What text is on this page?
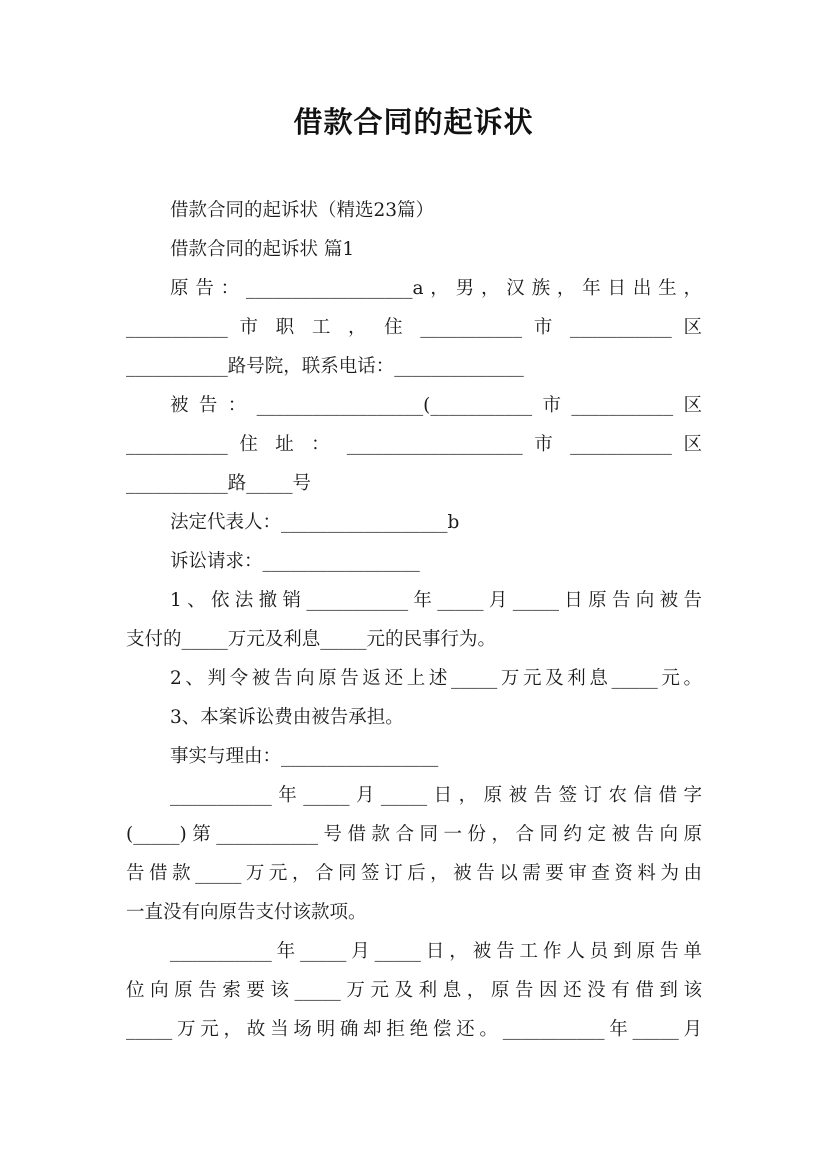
借款合同的起诉状
借款合同的起诉状（精选23篇）
借款合同的起诉状 篇1
原告：__________________a，男，汉族，年日出生，
___________ 市 职 工 ， 住 ___________ 市 ___________ 区
___________路号院，联系电话：______________
被告：__________________(___________市___________区
___________ 住 址 ： ___________________ 市 ___________ 区
___________路_____号
法定代表人：__________________b
诉讼请求：_________________
1、依法撤销___________年_____月_____日原告向被告
支付的_____万元及利息_____元的民事行为。
2、判令被告向原告返还上述_____万元及利息_____元。
3、本案诉讼费由被告承担。
事实与理由：_________________
___________年_____月_____日，原被告签订农信借字
(_____)第___________号借款合同一份，合同约定被告向原
告借款_____万元，合同签订后，被告以需要审查资料为由
一直没有向原告支付该款项。
___________年_____月_____日，被告工作人员到原告单
位向原告索要该_____万元及利息，原告因还没有借到该
_____万元，故当场明确却拒绝偿还。___________年_____月
